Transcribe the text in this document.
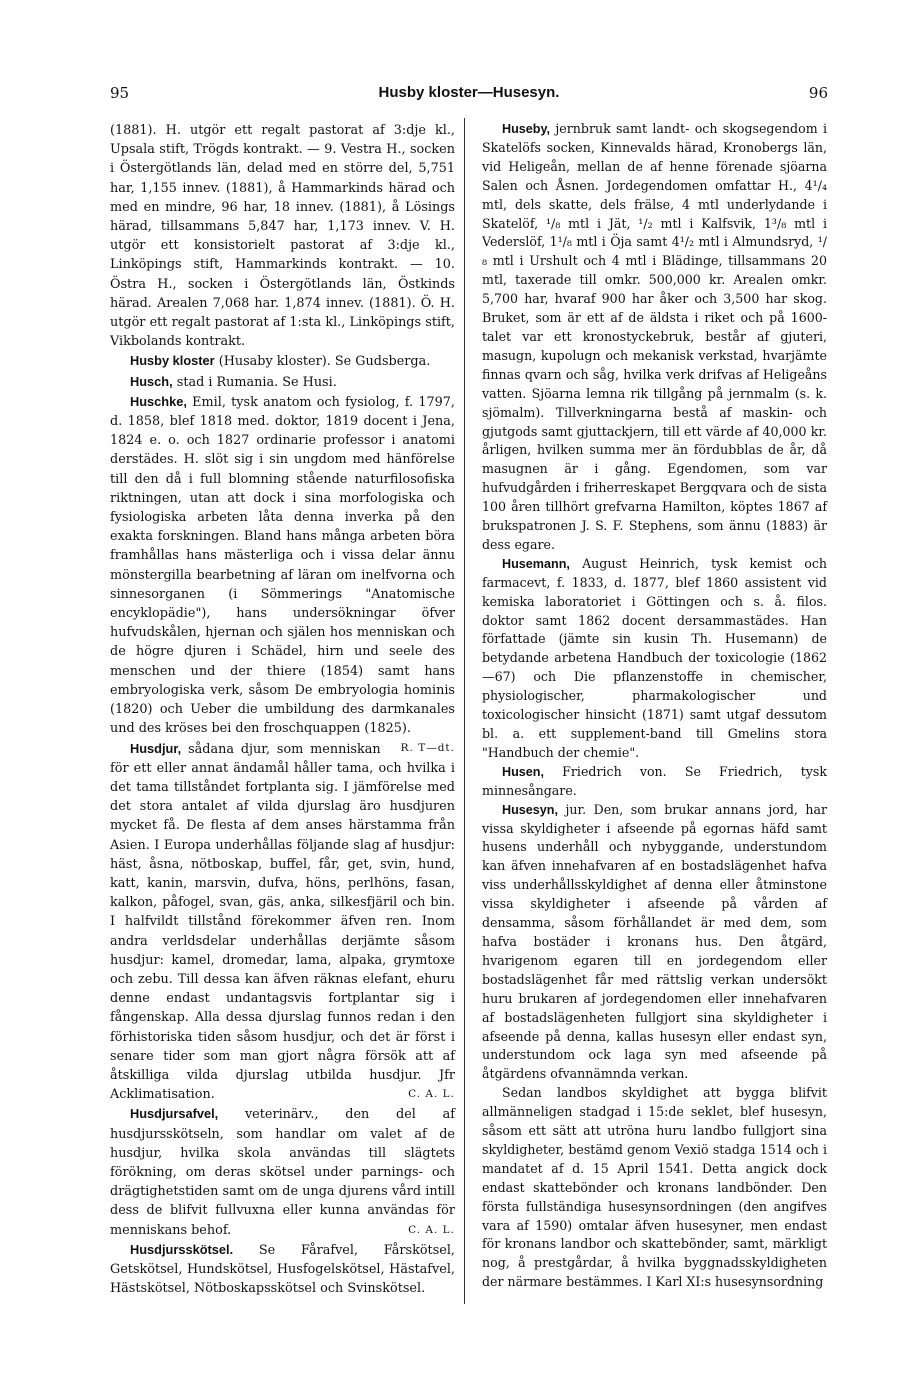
95	Husby kloster—Husesyn.	96

(1881). H. utgör ett regalt pastorat af 3:dje kl., Upsala stift, Trögds kontrakt. — 9. Vestra H., socken i Östergötlands län, delad med en större del, 5,751 har, 1,155 innev. (1881), å Hammarkinds härad och med en mindre, 96 har, 18 innev. (1881), å Lösings härad, tillsammans 5,847 har, 1,173 innev. V. H. utgör ett konsistorielt pastorat af 3:dje kl., Linköpings stift, Hammarkinds kontrakt. — 10. Östra H., socken i Östergötlands län, Östkinds härad. Arealen 7,068 har. 1,874 innev. (1881). Ö. H. utgör ett regalt pastorat af 1:sta kl., Linköpings stift, Vikbolands kontrakt.

Husby kloster (Husaby kloster). Se Gudsberga.

Husch, stad i Rumania. Se Husi.

Huschke, Emil, tysk anatom och fysiolog, f. 1797, d. 1858, blef 1818 med. doktor, 1819 docent i Jena, 1824 e. o. och 1827 ordinarie professor i anatomi derstädes. H. slöt sig i sin ungdom med hänförelse till den då i full blomning stående naturfilosofiska riktningen, utan att dock i sina morfologiska och fysiologiska arbeten låta denna inverka på den exakta forskningen. Bland hans många arbeten böra framhållas hans mästerliga och i vissa delar ännu mönstergilla bearbetning af läran om inelfvorna och sinnesorganen (i Sömmerings "Anatomische encyklopädie"), hans undersökningar öfver hufvudskålen, hjernan och själen hos menniskan och de högre djuren i Schädel, hirn und seele des menschen und der thiere (1854) samt hans embryologiska verk, såsom De embryologia hominis (1820) och Ueber die umbildung des darmkanales und des kröses bei den froschquappen (1825).
R. T—dt.

Husdjur, sådana djur, som menniskan för ett eller annat ändamål håller tama, och hvilka i det tama tillståndet fortplanta sig. I jämförelse med det stora antalet af vilda djurslag äro husdjuren mycket få. De flesta af dem anses härstamma från Asien. I Europa underhållas följande slag af husdjur: häst, åsna, nötboskap, buffel, får, get, svin, hund, katt, kanin, marsvin, dufva, höns, perlhöns, fasan, kalkon, påfogel, svan, gäs, anka, silkesfjäril och bin. I halfvildt tillstånd förekommer äfven ren. Inom andra verldsdelar underhållas derjämte såsom husdjur: kamel, dromedar, lama, alpaka, grymtoxe och zebu. Till dessa kan äfven räknas elefant, ehuru denne endast undantagsvis fortplantar sig i fångenskap. Alla dessa djurslag funnos redan i den förhistoriska tiden såsom husdjur, och det är först i senare tider som man gjort några försök att af åtskilliga vilda djurslag utbilda husdjur. Jfr Acklimatisation.	C. A. L.

Husdjursafvel, veterinärv., den del af husdjursskötseln, som handlar om valet af de husdjur, hvilka skola användas till slägtets förökning, om deras skötsel under parnings- och drägtighetstiden samt om de unga djurens vård intill dess de blifvit fullvuxna eller kunna användas för menniskans behof.	C. A. L.

Husdjursskötsel. Se Fårafvel, Fårskötsel, Getskötsel, Hundskötsel, Husfogelskötsel, Hästafvel, Hästskötsel, Nötboskapsskötsel och Svinskötsel.

Huseby, jernbruk samt landt- och skogsegendom i Skatelöfs socken, Kinnevalds härad, Kronobergs län, vid Heligeån, mellan de af henne förenade sjöarna Salen och Åsnen. Jordegendomen omfattar H., 4¹/₄ mtl, dels skatte, dels frälse, 4 mtl underlydande i Skatelöf, ¹/₈ mtl i Jät, ¹/₂ mtl i Kalfsvik, 1³/₈ mtl i Vederslöf, 1¹/₈ mtl i Öja samt 4¹/₂ mtl i Almundsryd, ¹/₈ mtl i Urshult och 4 mtl i Blädinge, tillsammans 20 mtl, taxerade till omkr. 500,000 kr. Arealen omkr. 5,700 har, hvaraf 900 har åker och 3,500 har skog. Bruket, som är ett af de äldsta i riket och på 1600-talet var ett kronostyckebruk, består af gjuteri, masugn, kupolugn och mekanisk verkstad, hvarjämte finnas qvarn och såg, hvilka verk drifvas af Heligeåns vatten. Sjöarna lemna rik tillgång på jernmalm (s. k. sjömalm). Tillverkningarna bestå af maskin- och gjutgods samt gjuttackjern, till ett värde af 40,000 kr. årligen, hvilken summa mer än fördubblas de år, då masugnen är i gång. Egendomen, som var hufvudgården i friherreskapet Bergqvara och de sista 100 åren tillhört grefvarna Hamilton, köptes 1867 af brukspatronen J. S. F. Stephens, som ännu (1883) är dess egare.

Husemann, August Heinrich, tysk kemist och farmacevt, f. 1833, d. 1877, blef 1860 assistent vid kemiska laboratoriet i Göttingen och s. å. filos. doktor samt 1862 docent dersammastädes. Han författade (jämte sin kusin Th. Husemann) de betydande arbetena Handbuch der toxicologie (1862—67) och Die pflanzenstoffe in chemischer, physiologischer, pharmakologischer und toxicologischer hinsicht (1871) samt utgaf dessutom bl. a. ett supplement-band till Gmelins stora "Handbuch der chemie".

Husen, Friedrich von. Se Friedrich, tysk minnesångare.

Husesyn, jur. Den, som brukar annans jord, har vissa skyldigheter i afseende på egornas häfd samt husens underhåll och nybyggande, understundom kan äfven innehafvaren af en bostadslägenhet hafva viss underhållsskyldighet af denna eller åtminstone vissa skyldigheter i afseende på vården af densamma, såsom förhållandet är med dem, som hafva bostäder i kronans hus. Den åtgärd, hvarigenom egaren till en jordegendom eller bostadslägenhet får med rättslig verkan undersökt huru brukaren af jordegendomen eller innehafvaren af bostadslägenheten fullgjort sina skyldigheter i afseende på denna, kallas husesyn eller endast syn, understundom ock laga syn med afseende på åtgärdens ofvannämnda verkan.

Sedan landbos skyldighet att bygga blifvit allmänneligen stadgad i 15:de seklet, blef husesyn, såsom ett sätt att utröna huru landbo fullgjort sina skyldigheter, bestämd genom Vexiö stadga 1514 och i mandatet af d. 15 April 1541. Detta angick dock endast skattebönder och kronans landbönder. Den första fullständiga husesynsordningen (den angifves vara af 1590) omtalar äfven husesyner, men endast för kronans landbor och skattebönder, samt, märkligt nog, å prestgårdar, å hvilka byggnadsskyldigheten der närmare bestämmes. I Karl XI:s husesynsordning
